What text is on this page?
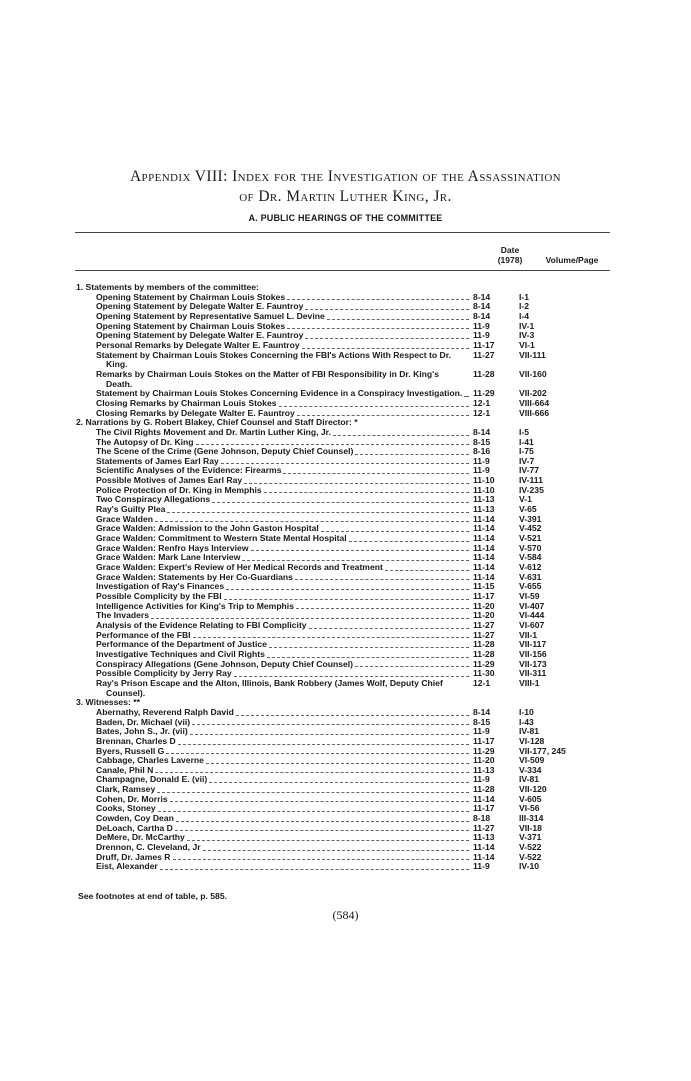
Appendix VIII: Index for the Investigation of the Assassination
of Dr. Martin Luther King, Jr.
A. PUBLIC HEARINGS OF THE COMMITTEE
Date
(1978)	Volume/Page
1. Statements by members of the committee:
Opening Statement by Chairman Louis Stokes	8-14	I-1
Opening Statement by Delegate Walter E. Fauntroy	8-14	I-2
Opening Statement by Representative Samuel L. Devine	8-14	I-4
Opening Statement by Chairman Louis Stokes	11-9	IV-1
Opening Statement by Delegate Walter E. Fauntroy	11-9	IV-3
Personal Remarks by Delegate Walter E. Fauntroy	11-17	VI-1
Statement by Chairman Louis Stokes Concerning the FBI's Actions With Respect to Dr. King.
11-27	VII-111
Remarks by Chairman Louis Stokes on the Matter of FBI Responsibility in Dr. King's Death.
11-28	VII-160
Statement by Chairman Louis Stokes Concerning Evidence in a Conspiracy Investigation. 11-29	VII-202
Closing Remarks by Chairman Louis Stokes	12-1	VIII-664
Closing Remarks by Delegate Walter E. Fauntroy	12-1	VIII-666
2. Narrations by G. Robert Blakey, Chief Counsel and Staff Director: *
The Civil Rights Movement and Dr. Martin Luther King, Jr.	8-14	I-5
The Autopsy of Dr. King	8-15	I-41
The Scene of the Crime (Gene Johnson, Deputy Chief Counsel)	8-16	I-75
Statements of James Earl Ray	11-9	IV-7
Scientific Analyses of the Evidence: Firearms	11-9	IV-77
Possible Motives of James Earl Ray	11-10	IV-111
Police Protection of Dr. King in Memphis	11-10	IV-235
Two Conspiracy Allegations	11-13	V-1
Ray's Guilty Plea	11-13	V-65
Grace Walden	11-14	V-391
Grace Walden: Admission to the John Gaston Hospital	11-14	V-452
Grace Walden: Commitment to Western State Mental Hospital	11-14	V-521
Grace Walden: Renfro Hays Interview	11-14	V-570
Grace Walden: Mark Lane Interview	11-14	V-584
Grace Walden: Expert's Review of Her Medical Records and Treatment	11-14	V-612
Grace Walden: Statements by Her Co-Guardians	11-14	V-631
Investigation of Ray's Finances	11-15	V-655
Possible Complicity by the FBI	11-17	VI-59
Intelligence Activities for King's Trip to Memphis	11-20	VI-407
The Invaders	11-20	VI-444
Analysis of the Evidence Relating to FBI Complicity	11-27	VI-607
Performance of the FBI	11-27	VII-1
Performance of the Department of Justice	11-28	VII-117
Investigative Techniques and Civil Rights	11-28	VII-156
Conspiracy Allegations (Gene Johnson, Deputy Chief Counsel)	11-29	VII-173
Possible Complicity by Jerry Ray	11-30	VII-311
Ray's Prison Escape and the Alton, Illinois, Bank Robbery (James Wolf, Deputy Chief Counsel).
12-1	VIII-1
3. Witnesses: **
Abernathy, Reverend Ralph David	8-14	I-10
Baden, Dr. Michael (vii)	8-15	I-43
Bates, John S., Jr. (vii)	11-9	IV-81
Brennan, Charles D	11-17	VI-128
Byers, Russell G	11-29	VII-177, 245
Cabbage, Charles Laverne	11-20	VI-509
Canale, Phil N	11-13	V-334
Champagne, Donald E. (vii)	11-9	IV-81
Clark, Ramsey	11-28	VII-120
Cohen, Dr. Morris	11-14	V-605
Cooks, Stoney	11-17	VI-56
Cowden, Coy Dean	8-18	III-314
DeLoach, Cartha D	11-27	VII-18
DeMere, Dr. McCarthy	11-13	V-371
Drennon, C. Cleveland, Jr	11-14	V-522
Druff, Dr. James R	11-14	V-522
Eist, Alexander	11-9	IV-10
See footnotes at end of table, p. 585.
(584)
